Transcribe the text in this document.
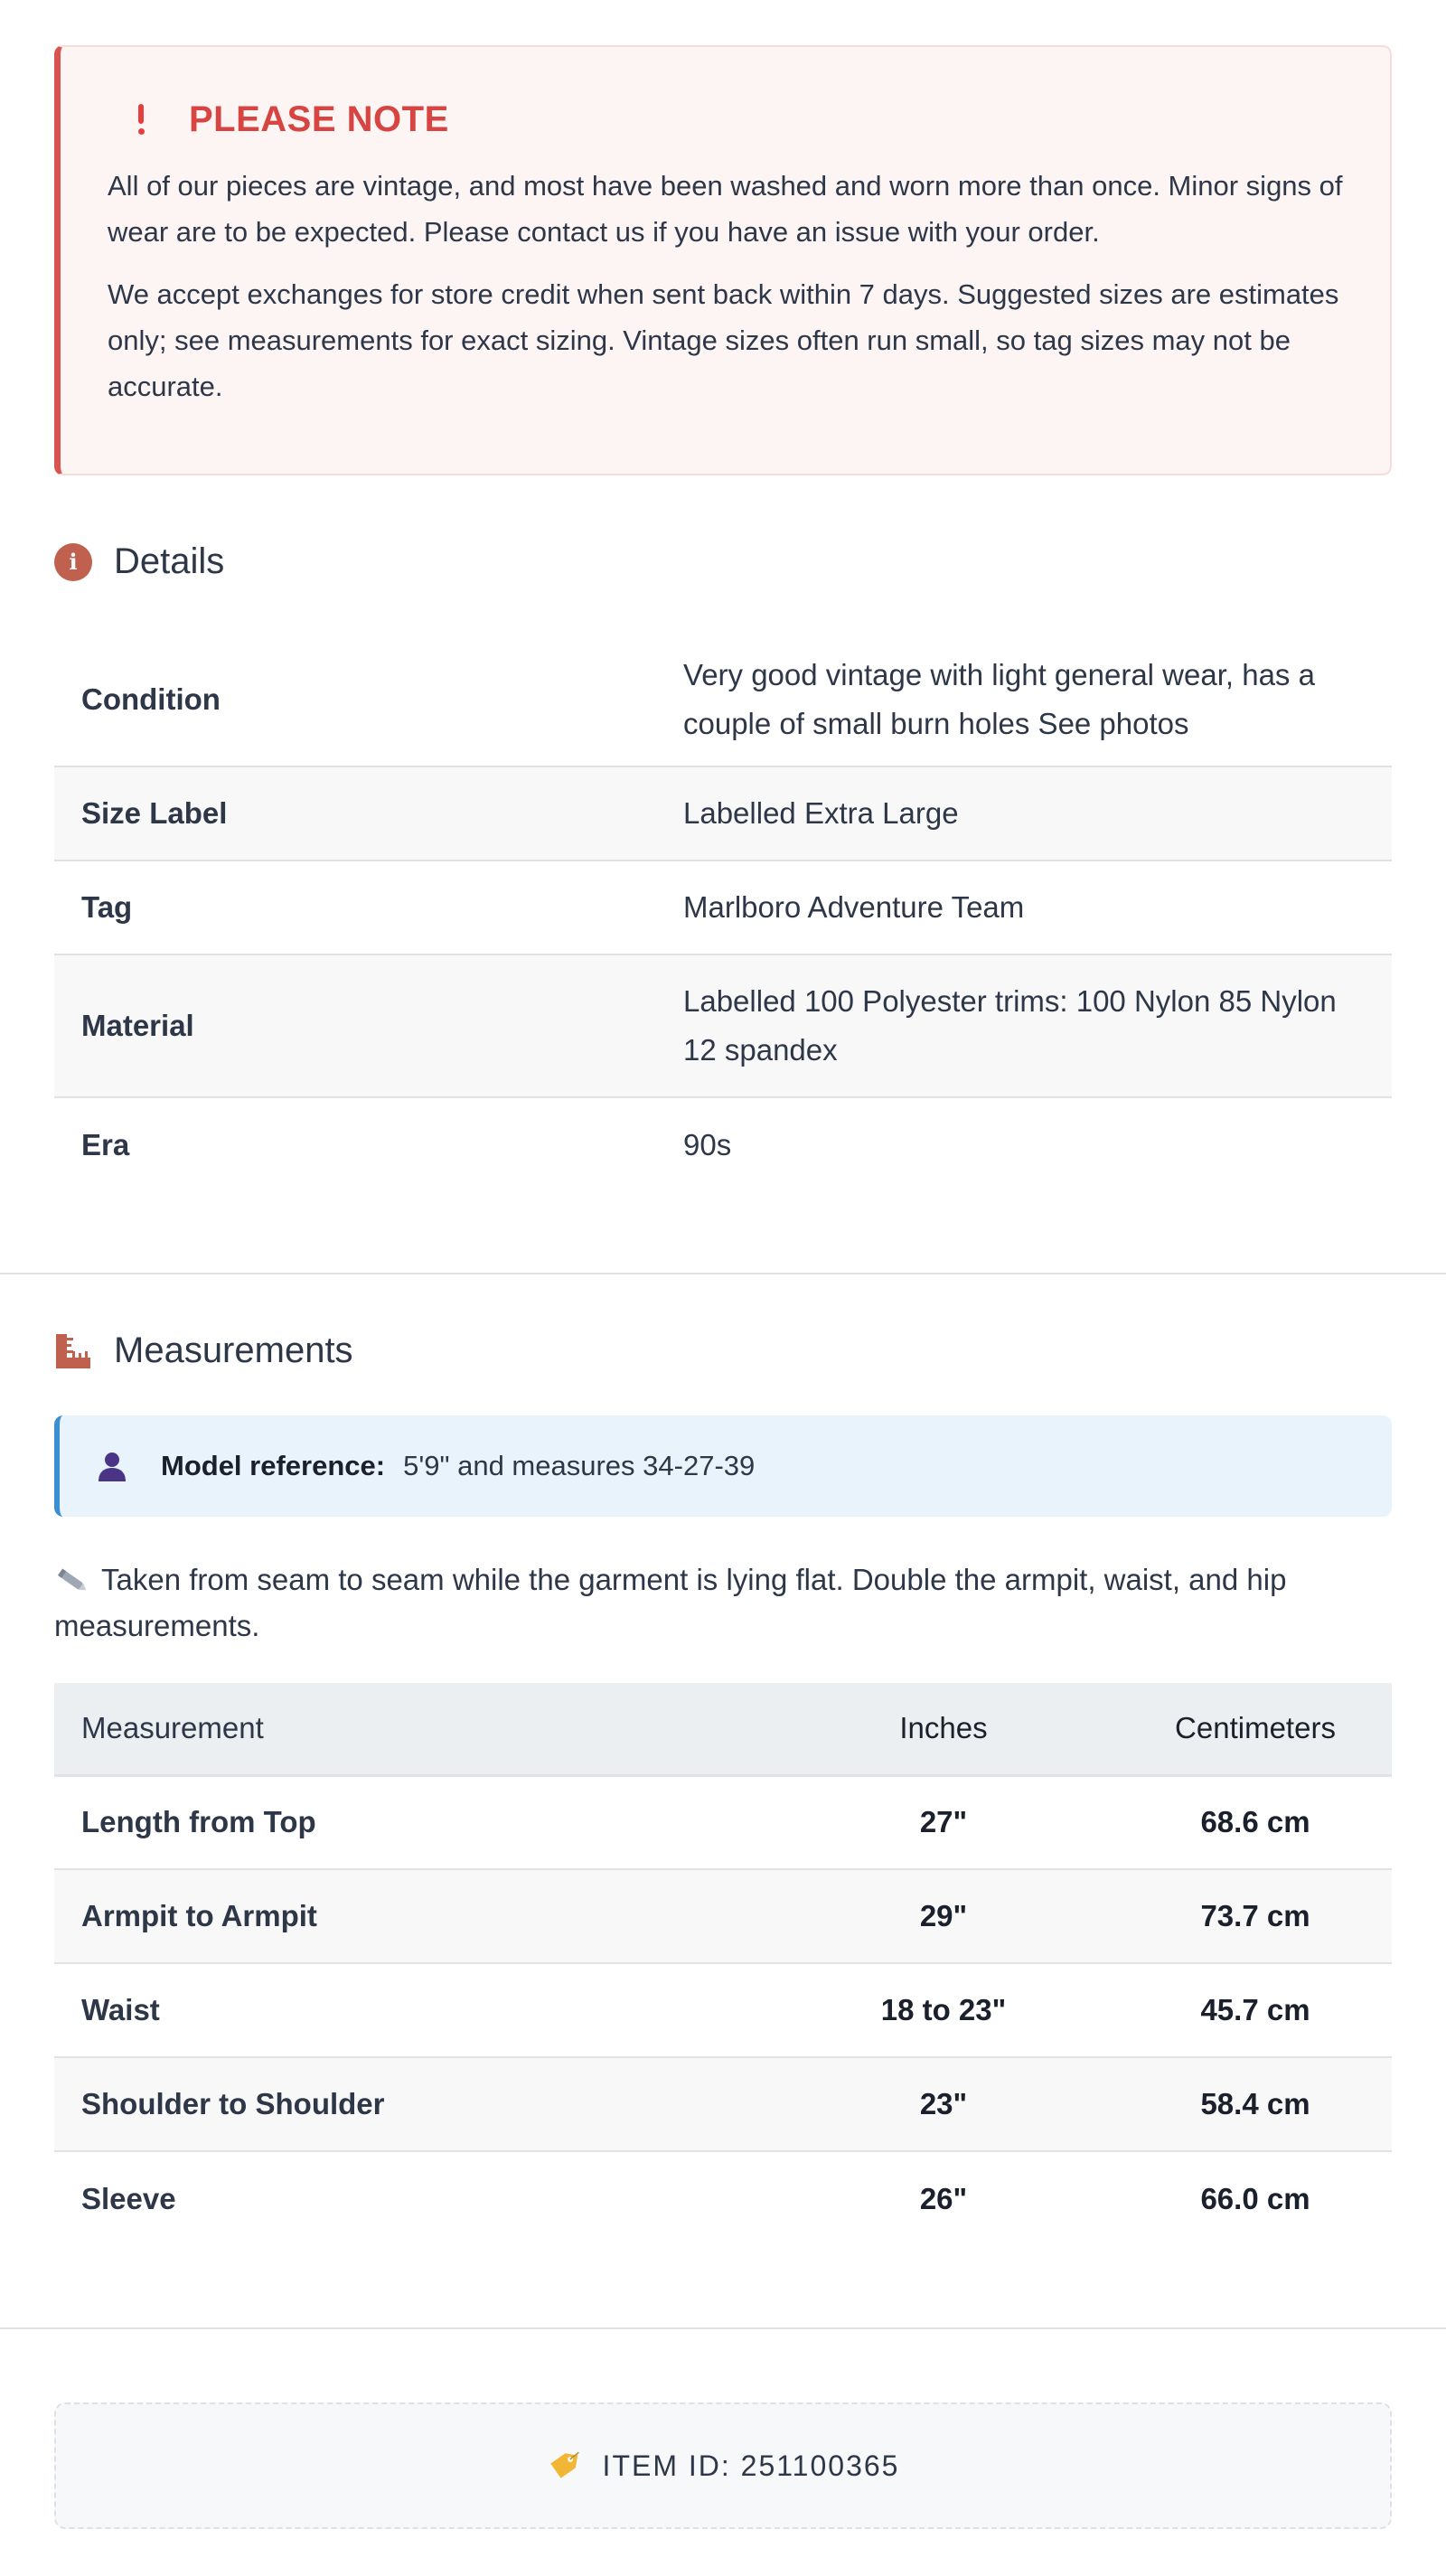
PLEASE NOTE

All of our pieces are vintage, and most have been washed and worn more than once. Minor signs of wear are to be expected. Please contact us if you have an issue with your order.

We accept exchanges for store credit when sent back within 7 days. Suggested sizes are estimates only; see measurements for exact sizing. Vintage sizes often run small, so tag sizes may not be accurate.

i	Details
Condition	Very good vintage with light general wear, has a couple of small burn holes See photos
Size Label	Labelled Extra Large
Tag	Marlboro Adventure Team
Material	Labelled 100 Polyester trims: 100 Nylon 85 Nylon 12 spandex
Era	90s
Measurements
Model reference: 5'9" and measures 34-27-39
Taken from seam to seam while the garment is lying flat. Double the armpit, waist, and hip measurements.
Measurement	Inches	Centimeters
Length from Top	27"	68.6 cm
Armpit to Armpit	29"	73.7 cm
Waist	18 to 23"	45.7 cm
Shoulder to Shoulder	23"	58.4 cm
Sleeve	26"	66.0 cm
ITEM ID: 251100365
